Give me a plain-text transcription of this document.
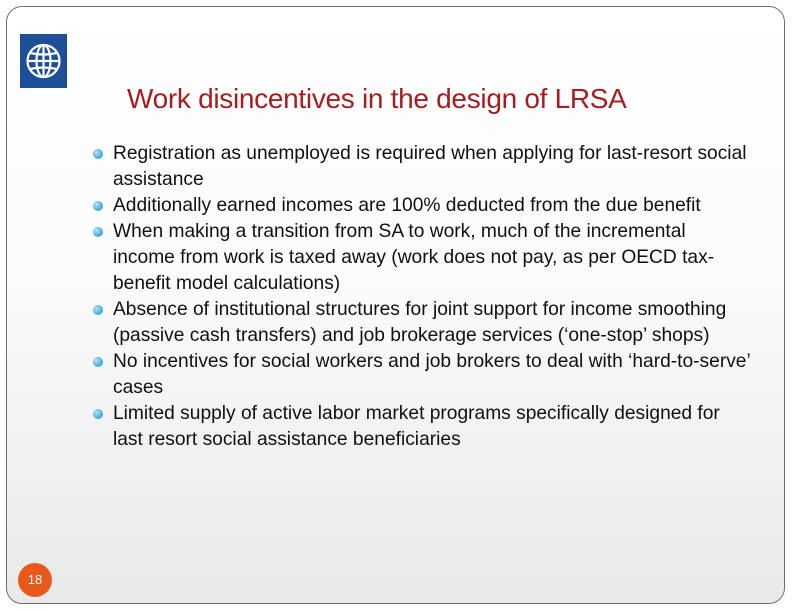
Work disincentives in the design of LRSA
Registration as unemployed is required when applying for last-resort social assistance
Additionally earned incomes are 100% deducted from the due benefit
When making a transition from SA to work, much of the incremental income from work is taxed away (work does not pay, as per OECD tax-benefit model calculations)
Absence of institutional structures for joint support for income smoothing (passive cash transfers) and job brokerage services (‘one-stop’ shops)
No incentives for social workers and job brokers to deal with ‘hard-to-serve’ cases
Limited supply of active labor market programs specifically designed for last resort social assistance beneficiaries
18
